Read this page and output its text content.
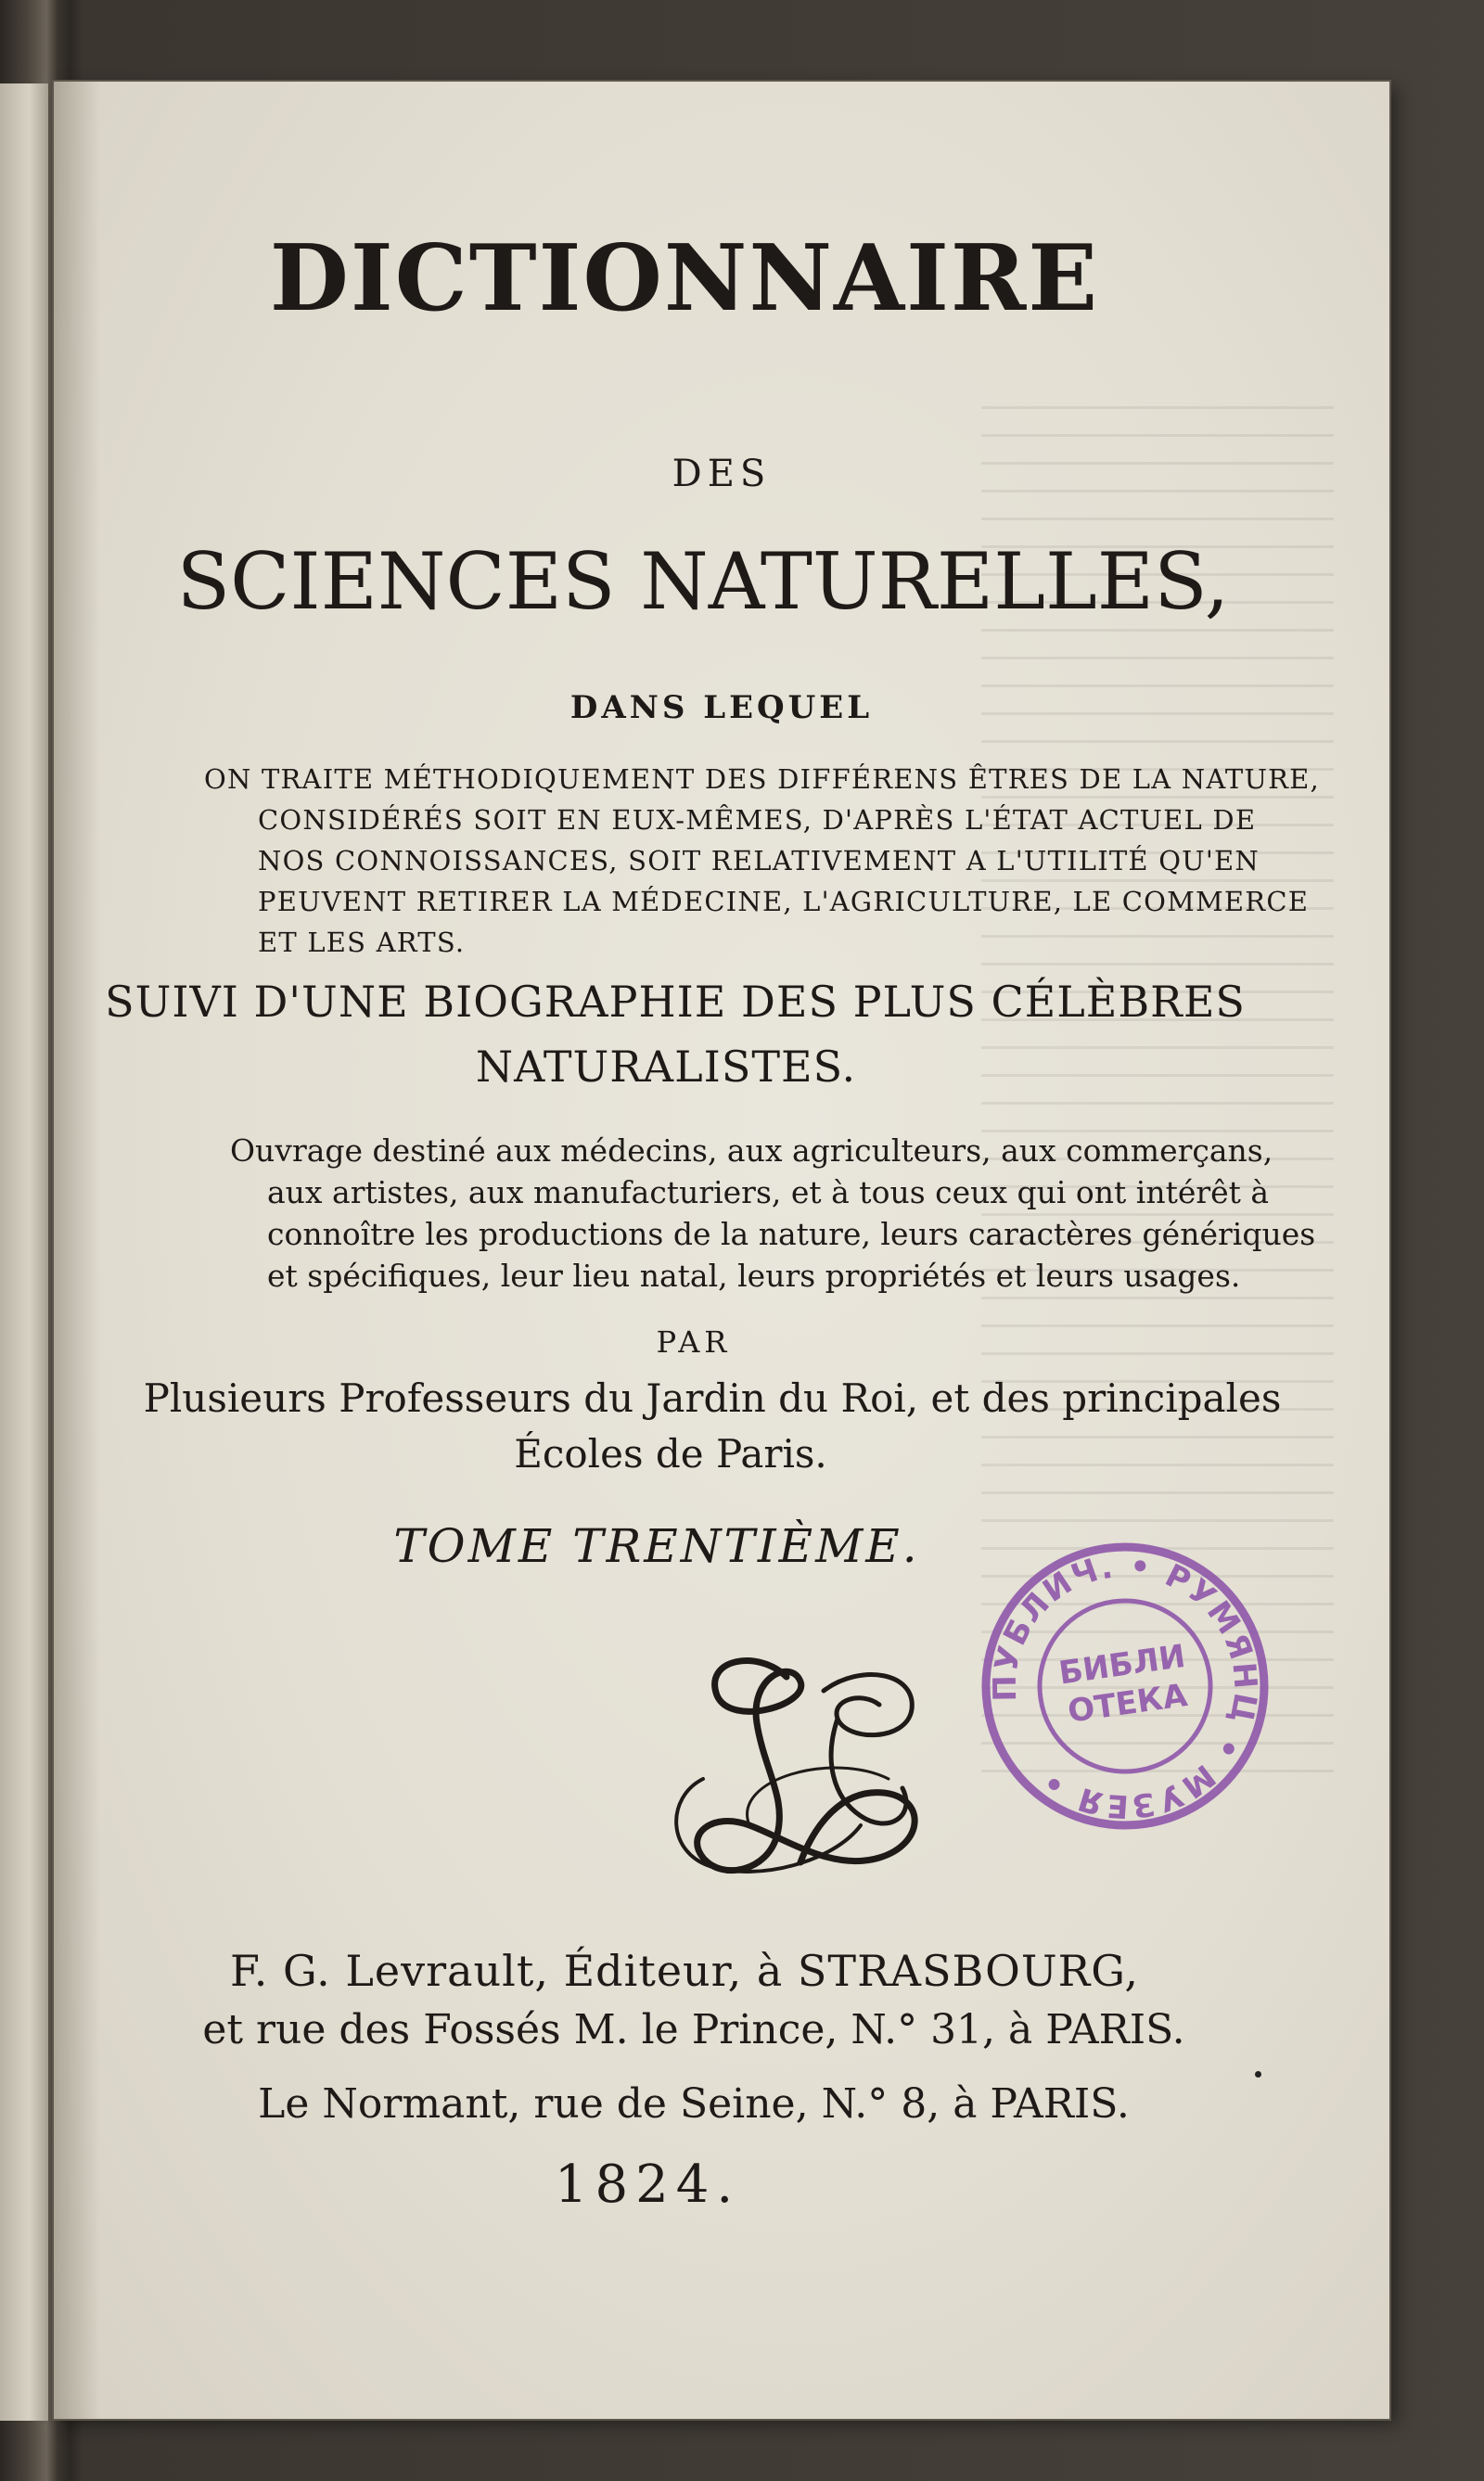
DICTIONNAIRE
DES
SCIENCES NATURELLES,
DANS LEQUEL
ON TRAITE MÉTHODIQUEMENT DES DIFFÉRENS ÊTRES DE LA NATURE,
CONSIDÉRÉS SOIT EN EUX-MÊMES, D'APRÈS L'ÉTAT ACTUEL DE
NOS CONNOISSANCES, SOIT RELATIVEMENT A L'UTILITÉ QU'EN
PEUVENT RETIRER LA MÉDECINE, L'AGRICULTURE, LE COMMERCE
ET LES ARTS.
SUIVI D'UNE BIOGRAPHIE DES PLUS CÉLÈBRES
NATURALISTES.
Ouvrage destiné aux médecins, aux agriculteurs, aux commerçans,
aux artistes, aux manufacturiers, et à tous ceux qui ont intérêt à
connoître les productions de la nature, leurs caractères génériques
et spécifiques, leur lieu natal, leurs propriétés et leurs usages.
PAR
Plusieurs Professeurs du Jardin du Roi, et des principales
Écoles de Paris.
TOME TRENTIÈME.
ПУБЛИЧ. • РУМЯНЦ • МУЗЕЯ •
БИБЛИ
ОТЕКА
F. G. Levrault, Éditeur, à STRASBOURG,
et rue des Fossés M. le Prince, N.° 31, à PARIS.
Le Normant, rue de Seine, N.° 8, à PARIS.
1824.
